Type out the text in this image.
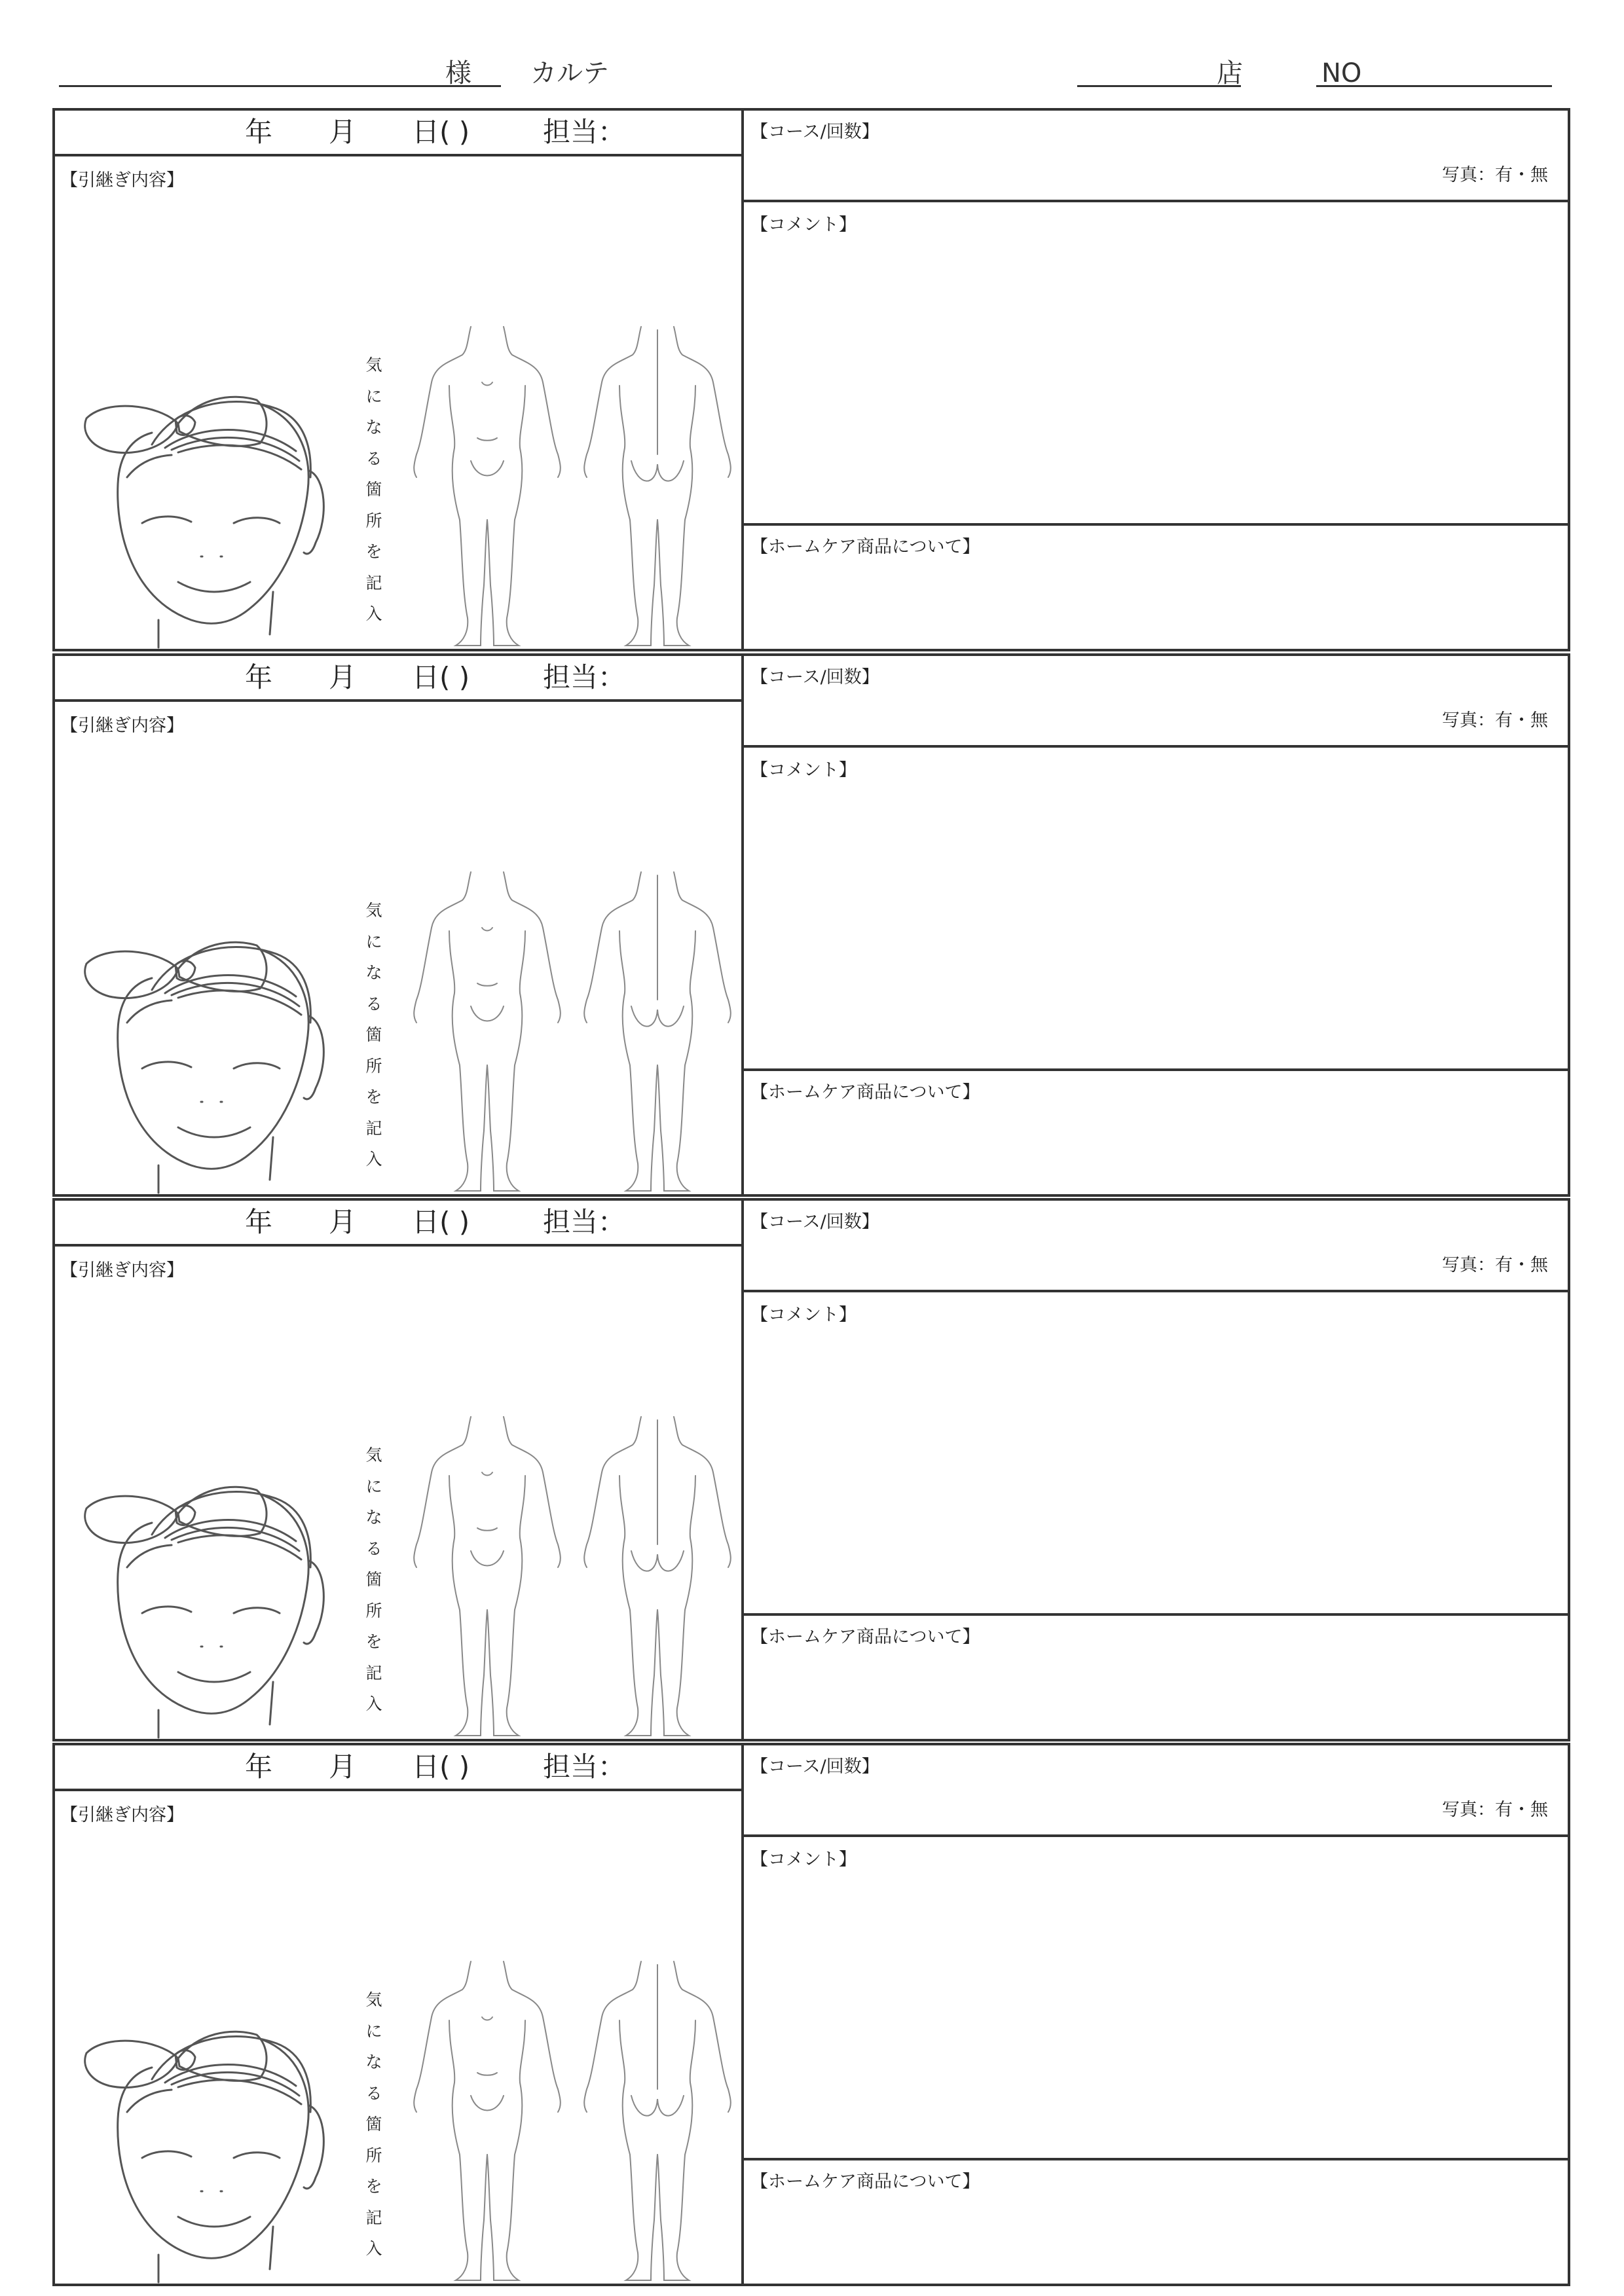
様 カルテ	店	NO
年 月 日( )	担当：
【引継ぎ内容】
気
に
な
る
箇
所
を
記
入
【コース/回数】
写真：有・無
【コメント】
【ホームケア商品について】
年 月 日( )	担当：
【引継ぎ内容】
気
に
な
る
箇
所
を
記
入
【コース/回数】
写真：有・無
【コメント】
【ホームケア商品について】
年 月 日( )	担当：
【引継ぎ内容】
気
に
な
る
箇
所
を
記
入
【コース/回数】
写真：有・無
【コメント】
【ホームケア商品について】
年 月 日( )	担当：
【引継ぎ内容】
気
に
な
る
箇
所
を
記
入
【コース/回数】
写真：有・無
【コメント】
【ホームケア商品について】
